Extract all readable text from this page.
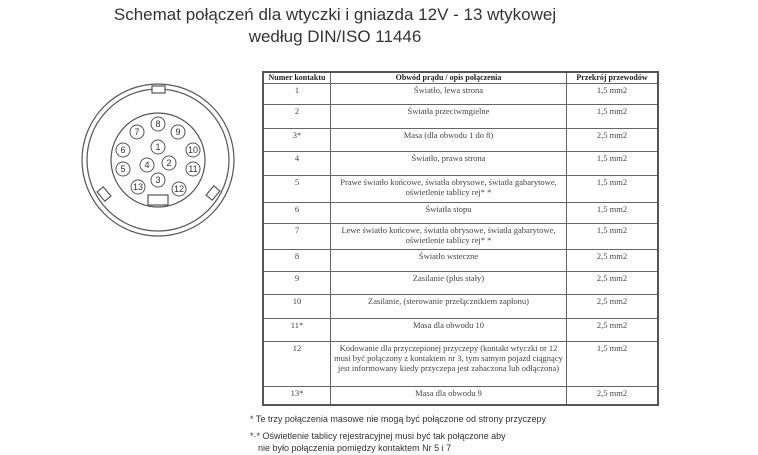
Schemat połączeń dla wtyczki i gniazda 12V - 13 wtykowej
według DIN/ISO 11446
1
2
3
4
5
6
7
8
9
10
11
12
13
Numer kontaktu	Obwód prądu / opis połączenia	Przekrój przewodów
1	Światło, lewa strona	1,5 mm2
2	Światła przeciwmgielne	1,5 mm2
3*	Masa (dla obwodu 1 do 8)	2,5 mm2
4	Światło, prawa strona	1,5 mm2
5	Prawe światło końcowe, światła obrysowe, światła gabarytowe, oświetlenie tablicy rej* *	1,5 mm2
6	Światła stopu	1,5 mm2
7	Lewe światło końcowe, światła obrysowe, światła gabarytowe, oświetlenie tablicy rej* *	1,5 mm2
8	Światło wsteczne	2,5 mm2
9	Zasilanie (plus stały)	2,5 mm2
10	Zasilanie, (sterowanie przełącznikiem zapłonu)	2,5 mm2
11*	Masa dla obwodu 10	2,5 mm2
12	Kodowanie dla przyczepionej przyczepy (kontakt wtyczki nr 12 musi być połączony z kontaktem nr 3, tym samym pojazd ciągnący jest informowany kiedy przyczepa jest zahaczona lub odłączona)	1,5 mm2
13*	Masa dla obwodu 9	2,5 mm2
* Te trzy połączenia masowe nie mogą być połączone od strony przyczepy
*·* Oświetlenie tablicy rejestracyjnej musi być tak połączone aby
nie było połączenia pomiędzy kontaktem Nr 5 i 7
